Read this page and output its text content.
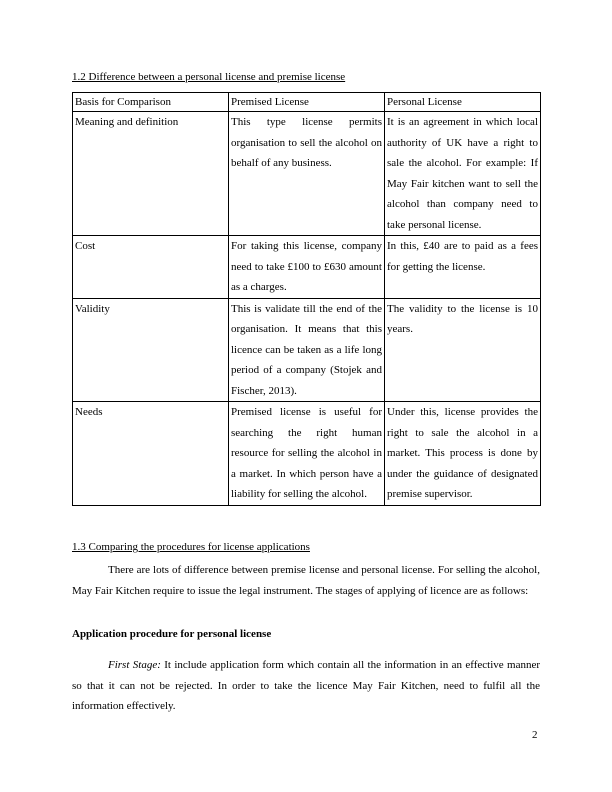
1.2 Difference between a personal license and premise license
Basis for Comparison	Premised License	Personal License
Meaning and definition	This type license permits organisation to sell the alcohol on behalf of any business.	It is an agreement in which local authority of UK have a right to sale the alcohol. For example: If May Fair kitchen want to sell the alcohol than company need to take personal license.
Cost	For taking this license, company need to take £100 to £630 amount as a charges.	In this, £40 are to paid as a fees for getting the license.
Validity	This is validate till the end of the organisation. It means that this licence can be taken as a life long period of a company (Stojek and Fischer, 2013).	The validity to the license is 10 years.
Needs	Premised license is useful for searching the right human resource for selling the alcohol in a market. In which person have a liability for selling the alcohol.	Under this, license provides the right to sale the alcohol in a market. This process is done by under the guidance of designated premise supervisor.
1.3 Comparing the procedures for license applications

There are lots of difference between premise license and personal license. For selling the alcohol, May Fair Kitchen require to issue the legal instrument. The stages of applying of licence are as follows:

Application procedure for personal license

First Stage: It include application form which contain all the information in an effective manner so that it can not be rejected. In order to take the licence May Fair Kitchen, need to fulfil all the information effectively.

2
